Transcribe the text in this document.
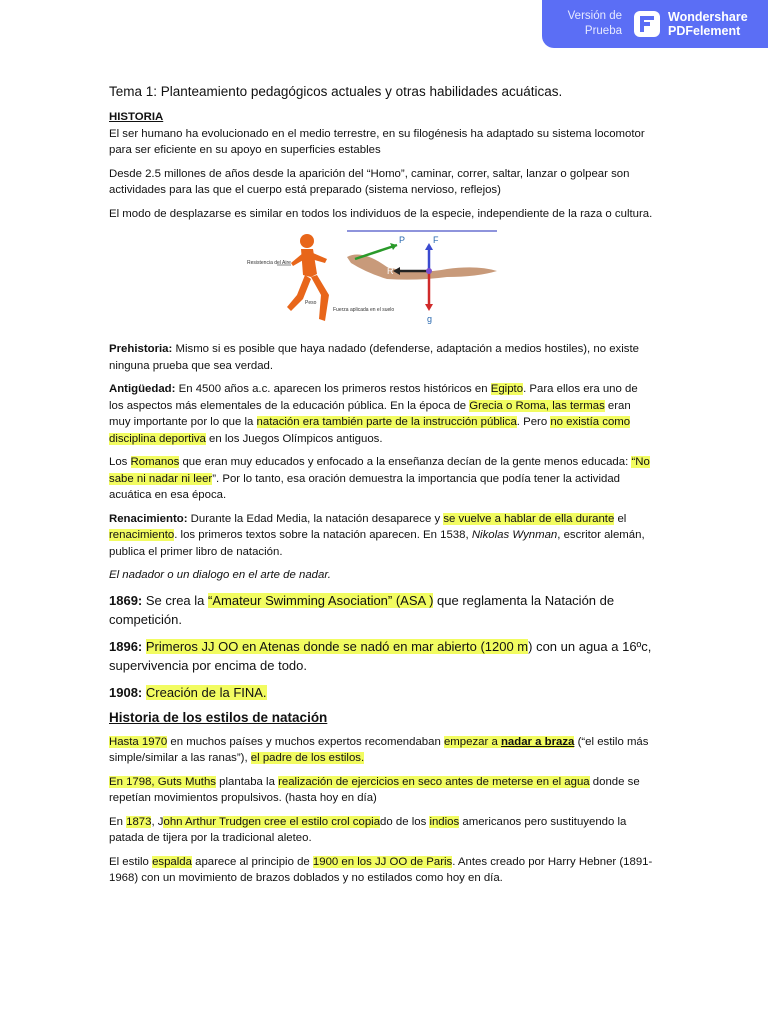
Versión de
Prueba
Wondershare
PDFelement
Tema 1: Planteamiento pedagógicos actuales y otras habilidades acuáticas.

HISTORIA

El ser humano ha evolucionado en el medio terrestre, en su filogénesis ha adaptado su sistema locomotor para ser eficiente en su apoyo en superficies estables

Desde 2.5 millones de años desde la aparición del “Homo”, caminar, correr, saltar, lanzar o golpear son actividades para las que el cuerpo está preparado (sistema nervioso, reflejos)

El modo de desplazarse es similar en todos los individuos de la especie, independiente de la raza o cultura.

Resistencia del Aire
Peso
Fuerza aplicada en el suelo
P	F
R
g

Prehistoria: Mismo si es posible que haya nadado (defenderse, adaptación a medios hostiles), no existe ninguna prueba que sea verdad.

Antigüedad: En 4500 años a.c. aparecen los primeros restos históricos en Egipto. Para ellos era uno de los aspectos más elementales de la educación pública. En la época de Grecia o Roma, las termas eran muy importante por lo que la natación era también parte de la instrucción pública. Pero no existía como disciplina deportiva en los Juegos Olímpicos antiguos.

Los Romanos que eran muy educados y enfocado a la enseñanza decían de la gente menos educada: “No sabe ni nadar ni leer”. Por lo tanto, esa oración demuestra la importancia que podía tener la actividad acuática en esa época.

Renacimiento: Durante la Edad Media, la natación desaparece y se vuelve a hablar de ella durante el renacimiento. los primeros textos sobre la natación aparecen. En 1538, Nikolas Wynman, escritor alemán, publica el primer libro de natación.

El nadador o un dialogo en el arte de nadar.

1869: Se crea la “Amateur Swimming Asociation” (ASA ) que reglamenta la Natación de competición.

1896: Primeros JJ OO en Atenas donde se nadó en mar abierto (1200 m) con un agua a 16ºc, supervivencia por encima de todo.

1908: Creación de la FINA.

Historia de los estilos de natación

Hasta 1970 en muchos países y muchos expertos recomendaban empezar a nadar a braza (“el estilo más simple/similar a las ranas”), el padre de los estilos.

En 1798, Guts Muths plantaba la realización de ejercicios en seco antes de meterse en el agua donde se repetían movimientos propulsivos. (hasta hoy en día)

En 1873, John Arthur Trudgen cree el estilo crol copiado de los indios americanos pero sustituyendo la patada de tijera por la tradicional aleteo.

El estilo espalda aparece al principio de 1900 en los JJ OO de Paris. Antes creado por Harry Hebner (1891-1968) con un movimiento de brazos doblados y no estilados como hoy en día.
